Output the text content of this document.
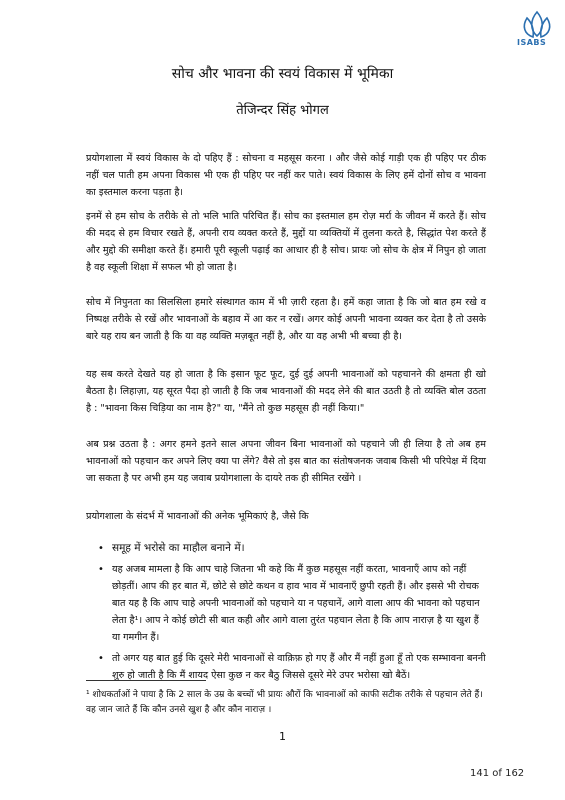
ISABS
सोच और भावना की स्वयं विकास में भूमिका
तेजिन्दर सिंह भोगल

प्रयोगशाला में स्वयं विकास के दो पहिए हैं : सोचना व महसूस करना । और जैसे कोई गाड़ी एक ही पहिए पर ठीक नहीं चल पाती हम अपना विकास भी एक ही पहिए पर नहीं कर पाते। स्वयं विकास के लिए हमें दोनों सोच व भावना का इस्तमाल करना पड़ता है।

इनमें से हम सोच के तरीके से तो भलि भाति परिचित हैं। सोच का इस्तमाल हम रोज़ मर्रा के जीवन में करते हैं। सोच की मदद से हम विचार रखते हैं, अपनी राय व्यक्त करते हैं, मुद्दों या व्यक्तियों में तुलना करते है, सिद्धांत पेश करते हैं और मुद्दो की समीक्षा करते हैं। हमारी पूरी स्कूली पढ़ाई का आधार ही है सोच। प्रायः जो सोच के क्षेत्र में निपुन हो जाता है वह स्कूली शिक्षा में सफल भी हो जाता है।

सोच में निपुनता का सिलसिला हमारे संस्थागत काम में भी ज़ारी रहता है। हमें कहा जाता है कि जो बात हम रखे व निष्पक्ष तरीके से रखें और भावनाओं के बहाव में आ कर न रखें। अगर कोई अपनी भावना व्यक्त कर देता है तो उसके बारे यह राय बन जाती है कि या वह व्यक्ति मज़बूत नहीं है, और या वह अभी भी बच्चा ही है।

यह सब करते देखते यह हो जाता है कि इसान फूट फूट, दुई दुई अपनी भावनाओं को पहचानने की क्षमता ही खो बैठता है। लिहाज़ा, यह सूरत पैदा हो जाती है कि जब भावनाओं की मदद लेने की बात उठती है तो व्यक्ति बोल उठता है : "भावना किस चिड़िया का नाम है?" या, "मैंने तो कुछ महसूस ही नहीं किया।"

अब प्रश्न उठता है : अगर हमने इतने साल अपना जीवन बिना भावनाओं को पहचाने जी ही लिया है तो अब हम भावनाओं को पहचान कर अपने लिए क्या पा लेंगे? वैसे तो इस बात का संतोषजनक जवाब किसी भी परिपेक्ष में दिया जा सकता है पर अभी हम यह जवाब प्रयोगशाला के दायरे तक ही सीमित रखेंगे ।

प्रयोगशाला के संदर्भ में भावनाओं की अनेक भूमिकाएं है, जैसे कि

• समूह में भरोसे का माहौल बनाने में।
• यह अजब मामला है कि आप चाहे जितना भी कहे कि मैं कुछ महसूस नहीं करता, भावनाएँ आप को नहीं छोड़तीं। आप की हर बात में, छोटे से छोटे कथन व हाव भाव में भावनाएँ छुपी रहती हैं। और इससे भी रोचक बात यह है कि आप चाहे अपनी भावनाओं को पहचाने या न पहचानें, आगे वाला आप की भावना को पहचान लेता है¹। आप ने कोई छोटी सी बात कही और आगे वाला तुरंत पहचान लेता है कि आप नाराज़ है या खुश हैं या गमगीन हैं।
• तो अगर यह बात हुई कि दूसरे मेरी भावनाओं से वाक़िफ़ हो गए हैं और मैं नहीं हुआ हूँ तो एक सम्भावना बननी शुरु हो जाती है कि मैं शायद ऐसा कुछ न कर बैठु जिससे दूसरे मेरे उपर भरोसा खो बैठें।
¹ शोधकर्ताओं ने पाया है कि 2 साल के उम्र के बच्चों भी प्रायः औरों कि भावनाओं को काफी सटीक तरीके से पहचान लेते हैं। वह जान जाते हैं कि कौन उनसे खुश है और कौन नाराज़ ।
1
141 of 162
